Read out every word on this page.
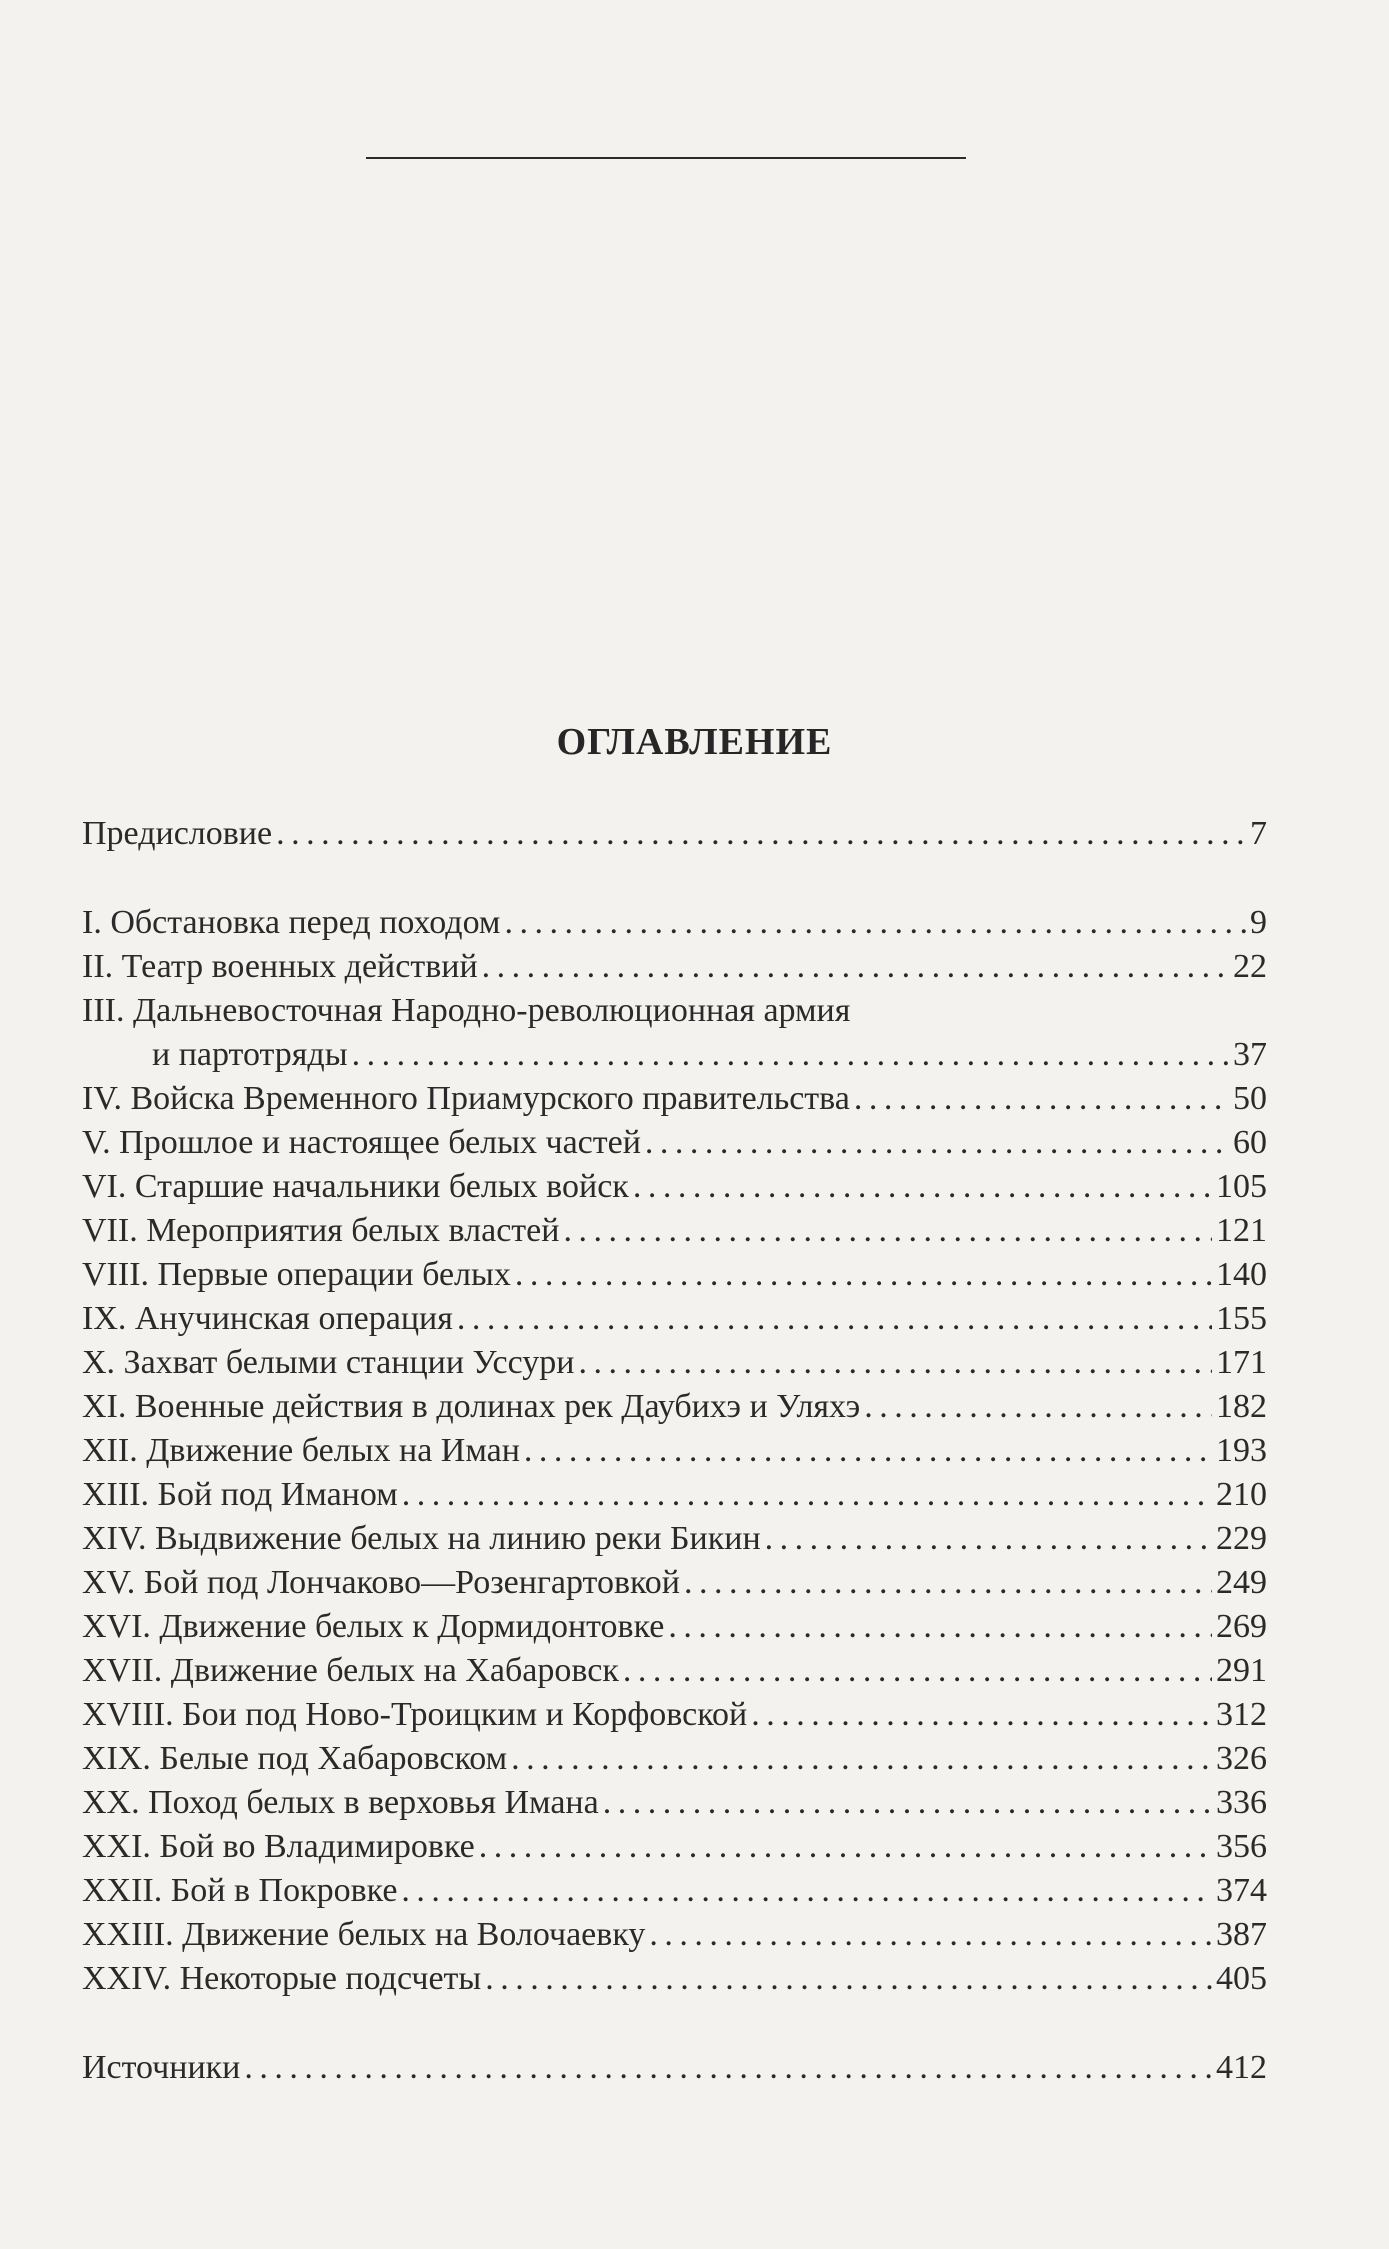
ОГЛАВЛЕНИЕ
Предисловие . . .	7
I. Обстановка перед походом . . .	9
II. Театр военных действий . . .	22
III. Дальневосточная Народно-революционная армия
и партотряды . . .	37
IV. Войска Временного Приамурского правительства . . .	50
V. Прошлое и настоящее белых частей . . .	60
VI. Старшие начальники белых войск . . .	105
VII. Мероприятия белых властей . . .	121
VIII. Первые операции белых . . .	140
IX. Анучинская операция . . .	155
X. Захват белыми станции Уссури . . .	171
XI. Военные действия в долинах рек Даубихэ и Уляхэ . . .	182
XII. Движение белых на Иман . . .	193
XIII. Бой под Иманом . . .	210
XIV. Выдвижение белых на линию реки Бикин . . .	229
XV. Бой под Лончаково—Розенгартовкой . . .	249
XVI. Движение белых к Дормидонтовке . . .	269
XVII. Движение белых на Хабаровск . . .	291
XVIII. Бои под Ново-Троицким и Корфовской . . .	312
XIX. Белые под Хабаровском . . .	326
XX. Поход белых в верховья Имана . . .	336
XXI. Бой во Владимировке . . .	356
XXII. Бой в Покровке . . .	374
XXIII. Движение белых на Волочаевку . . .	387
XXIV. Некоторые подсчеты . . .	405
Источники . . .	412
